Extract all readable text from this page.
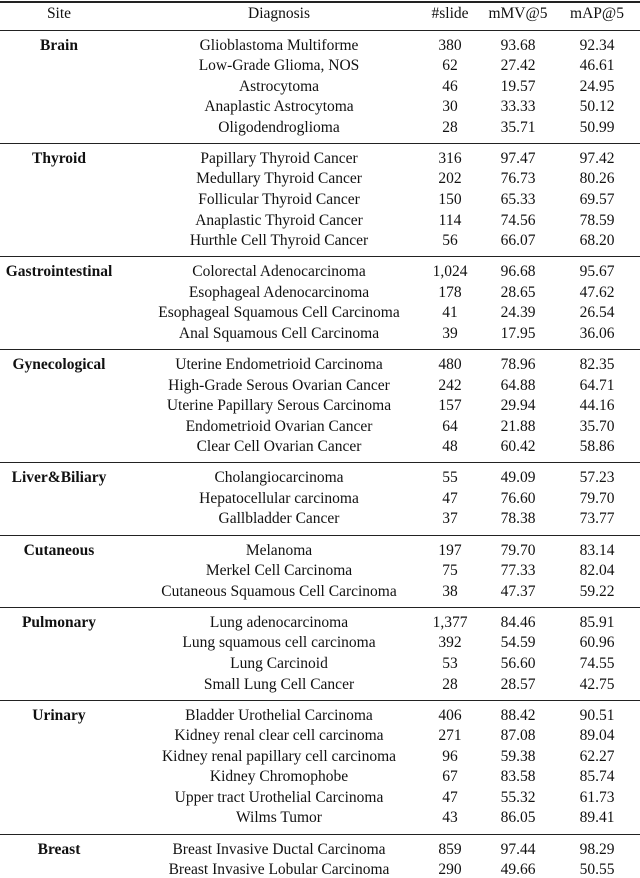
Site	Diagnosis	#slide	mMV@5	mAP@5
Brain	Glioblastoma Multiforme	380	93.68	92.34
Low-Grade Glioma, NOS	62	27.42	46.61
Astrocytoma	46	19.57	24.95
Anaplastic Astrocytoma	30	33.33	50.12
Oligodendroglioma	28	35.71	50.99
Thyroid	Papillary Thyroid Cancer	316	97.47	97.42
Medullary Thyroid Cancer	202	76.73	80.26
Follicular Thyroid Cancer	150	65.33	69.57
Anaplastic Thyroid Cancer	114	74.56	78.59
Hurthle Cell Thyroid Cancer	56	66.07	68.20
Gastrointestinal	Colorectal Adenocarcinoma	1,024	96.68	95.67
Esophageal Adenocarcinoma	178	28.65	47.62
Esophageal Squamous Cell Carcinoma	41	24.39	26.54
Anal Squamous Cell Carcinoma	39	17.95	36.06
Gynecological	Uterine Endometrioid Carcinoma	480	78.96	82.35
High-Grade Serous Ovarian Cancer	242	64.88	64.71
Uterine Papillary Serous Carcinoma	157	29.94	44.16
Endometrioid Ovarian Cancer	64	21.88	35.70
Clear Cell Ovarian Cancer	48	60.42	58.86
Liver&Biliary	Cholangiocarcinoma	55	49.09	57.23
Hepatocellular carcinoma	47	76.60	79.70
Gallbladder Cancer	37	78.38	73.77
Cutaneous	Melanoma	197	79.70	83.14
Merkel Cell Carcinoma	75	77.33	82.04
Cutaneous Squamous Cell Carcinoma	38	47.37	59.22
Pulmonary	Lung adenocarcinoma	1,377	84.46	85.91
Lung squamous cell carcinoma	392	54.59	60.96
Lung Carcinoid	53	56.60	74.55
Small Lung Cell Cancer	28	28.57	42.75
Urinary	Bladder Urothelial Carcinoma	406	88.42	90.51
Kidney renal clear cell carcinoma	271	87.08	89.04
Kidney renal papillary cell carcinoma	96	59.38	62.27
Kidney Chromophobe	67	83.58	85.74
Upper tract Urothelial Carcinoma	47	55.32	61.73
Wilms Tumor	43	86.05	89.41
Breast	Breast Invasive Ductal Carcinoma	859	97.44	98.29
Breast Invasive Lobular Carcinoma	290	49.66	50.55
